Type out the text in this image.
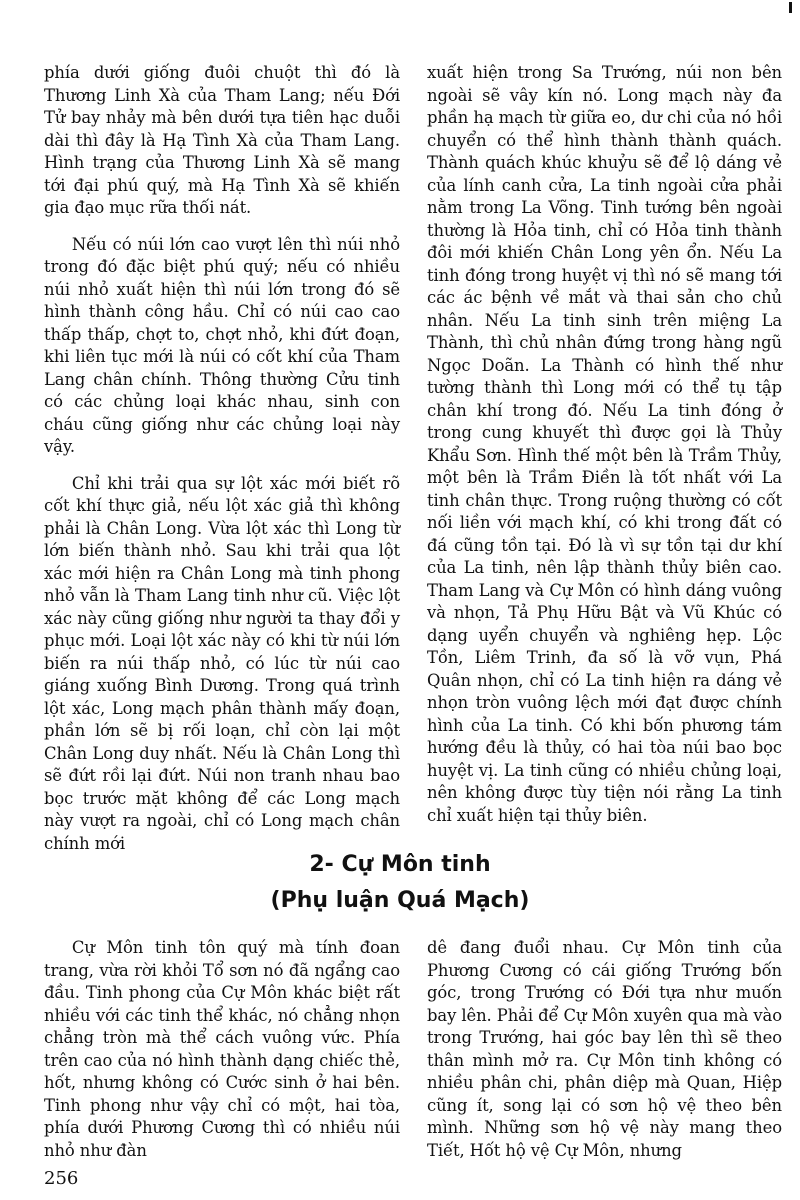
phía dưới giống đuôi chuột thì đó là Thương Linh Xà của Tham Lang; nếu Đới Tử bay nhảy mà bên dưới tựa tiên hạc duỗi dài thì đây là Hạ Tình Xà của Tham Lang. Hình trạng của Thương Linh Xà sẽ mang tới đại phú quý, mà Hạ Tình Xà sẽ khiến gia đạo mục rữa thối nát.

Nếu có núi lớn cao vượt lên thì núi nhỏ trong đó đặc biệt phú quý; nếu có nhiều núi nhỏ xuất hiện thì núi lớn trong đó sẽ hình thành công hầu. Chỉ có núi cao cao thấp thấp, chợt to, chợt nhỏ, khi đứt đoạn, khi liên tục mới là núi có cốt khí của Tham Lang chân chính. Thông thường Cửu tinh có các chủng loại khác nhau, sinh con cháu cũng giống như các chủng loại này vậy.

Chỉ khi trải qua sự lột xác mới biết rõ cốt khí thực giả, nếu lột xác giả thì không phải là Chân Long. Vừa lột xác thì Long từ lớn biến thành nhỏ. Sau khi trải qua lột xác mới hiện ra Chân Long mà tinh phong nhỏ vẫn là Tham Lang tinh như cũ. Việc lột xác này cũng giống như người ta thay đổi y phục mới. Loại lột xác này có khi từ núi lớn biến ra núi thấp nhỏ, có lúc từ núi cao giáng xuống Bình Dương. Trong quá trình lột xác, Long mạch phân thành mấy đoạn, phần lớn sẽ bị rối loạn, chỉ còn lại một Chân Long duy nhất. Nếu là Chân Long thì sẽ đứt rồi lại đứt. Núi non tranh nhau bao bọc trước mặt không để các Long mạch này vượt ra ngoài, chỉ có Long mạch chân chính mới

xuất hiện trong Sa Trướng, núi non bên ngoài sẽ vây kín nó. Long mạch này đa phần hạ mạch từ giữa eo, dư chi của nó hồi chuyển có thể hình thành thành quách. Thành quách khúc khuỷu sẽ để lộ dáng vẻ của lính canh cửa, La tinh ngoài cửa phải nằm trong La Võng. Tinh tướng bên ngoài thường là Hỏa tinh, chỉ có Hỏa tinh thành đôi mới khiến Chân Long yên ổn. Nếu La tinh đóng trong huyệt vị thì nó sẽ mang tới các ác bệnh về mắt và thai sản cho chủ nhân. Nếu La tinh sinh trên miệng La Thành, thì chủ nhân đứng trong hàng ngũ Ngọc Doãn. La Thành có hình thế như tường thành thì Long mới có thể tụ tập chân khí trong đó. Nếu La tinh đóng ở trong cung khuyết thì được gọi là Thủy Khẩu Sơn. Hình thế một bên là Trầm Thủy, một bên là Trầm Điền là tốt nhất với La tinh chân thực. Trong ruộng thường có cốt nối liền với mạch khí, có khi trong đất có đá cũng tồn tại. Đó là vì sự tồn tại dư khí của La tinh, nên lập thành thủy biên cao. Tham Lang và Cự Môn có hình dáng vuông và nhọn, Tả Phụ Hữu Bật và Vũ Khúc có dạng uyển chuyển và nghiêng hẹp. Lộc Tồn, Liêm Trinh, đa số là vỡ vụn, Phá Quân nhọn, chỉ có La tinh hiện ra dáng vẻ nhọn tròn vuông lệch mới đạt được chính hình của La tinh. Có khi bốn phương tám hướng đều là thủy, có hai tòa núi bao bọc huyệt vị. La tinh cũng có nhiều chủng loại, nên không được tùy tiện nói rằng La tinh chỉ xuất hiện tại thủy biên.

2- Cự Môn tinh
(Phụ luận Quá Mạch)

Cự Môn tinh tôn quý mà tính đoan trang, vừa rời khỏi Tổ sơn nó đã ngẩng cao đầu. Tinh phong của Cự Môn khác biệt rất nhiều với các tinh thể khác, nó chẳng nhọn chẳng tròn mà thể cách vuông vức. Phía trên cao của nó hình thành dạng chiếc thẻ, hốt, nhưng không có Cước sinh ở hai bên. Tinh phong như vậy chỉ có một, hai tòa, phía dưới Phương Cương thì có nhiều núi nhỏ như đàn

dê đang đuổi nhau. Cự Môn tinh của Phương Cương có cái giống Trướng bốn góc, trong Trướng có Đới tựa như muốn bay lên. Phải để Cự Môn xuyên qua mà vào trong Trướng, hai góc bay lên thì sẽ theo thân mình mở ra. Cự Môn tinh không có nhiều phân chi, phân diệp mà Quan, Hiệp cũng ít, song lại có sơn hộ vệ theo bên mình. Những sơn hộ vệ này mang theo Tiết, Hốt hộ vệ Cự Môn, nhưng

256
